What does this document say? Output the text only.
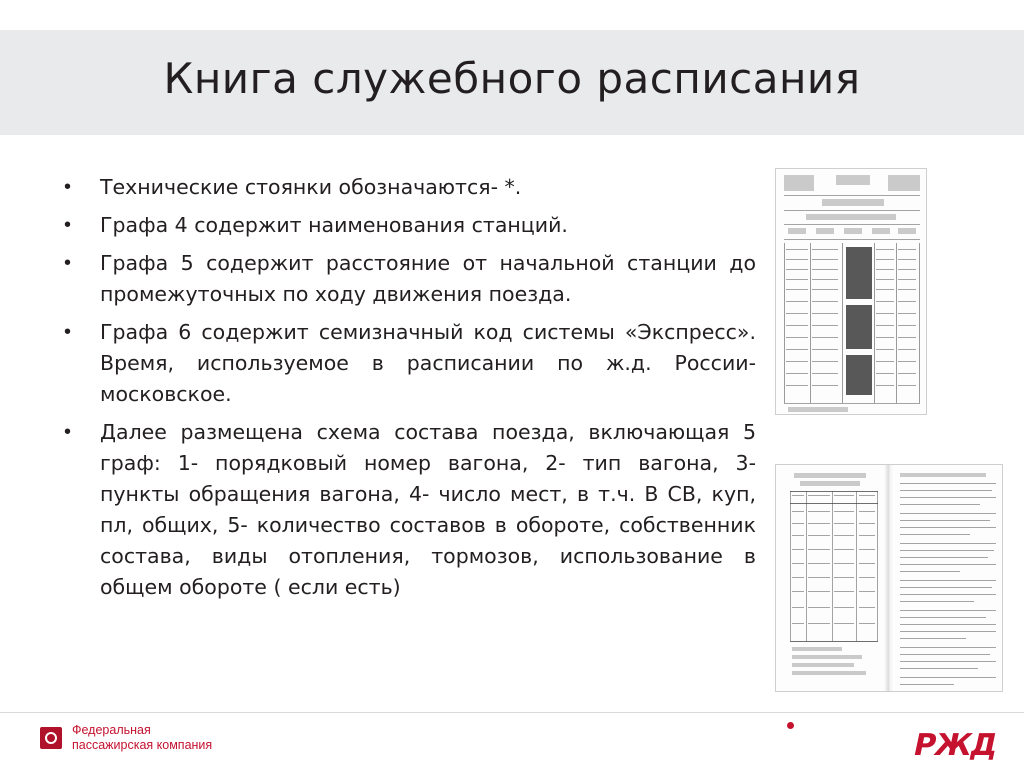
Книга служебного расписания
•	Технические стоянки обозначаются- *.
•	Графа 4 содержит наименования станций.
•	Графа 5 содержит расстояние от начальной станции до промежуточных по ходу движения поезда.
•	Графа 6 содержит семизначный код системы «Экспресс». Время, используемое в расписании по ж.д. России- московское.
•	Далее размещена схема состава поезда, включающая 5 граф: 1- порядковый номер вагона, 2- тип вагона, 3- пункты обращения вагона, 4- число мест, в т.ч. В СВ, куп, пл, общих, 5- количество составов в обороте, собственник состава, виды отопления, тормозов, использование в общем обороте ( если есть)
Федеральная
пассажирская компания	РЖД
